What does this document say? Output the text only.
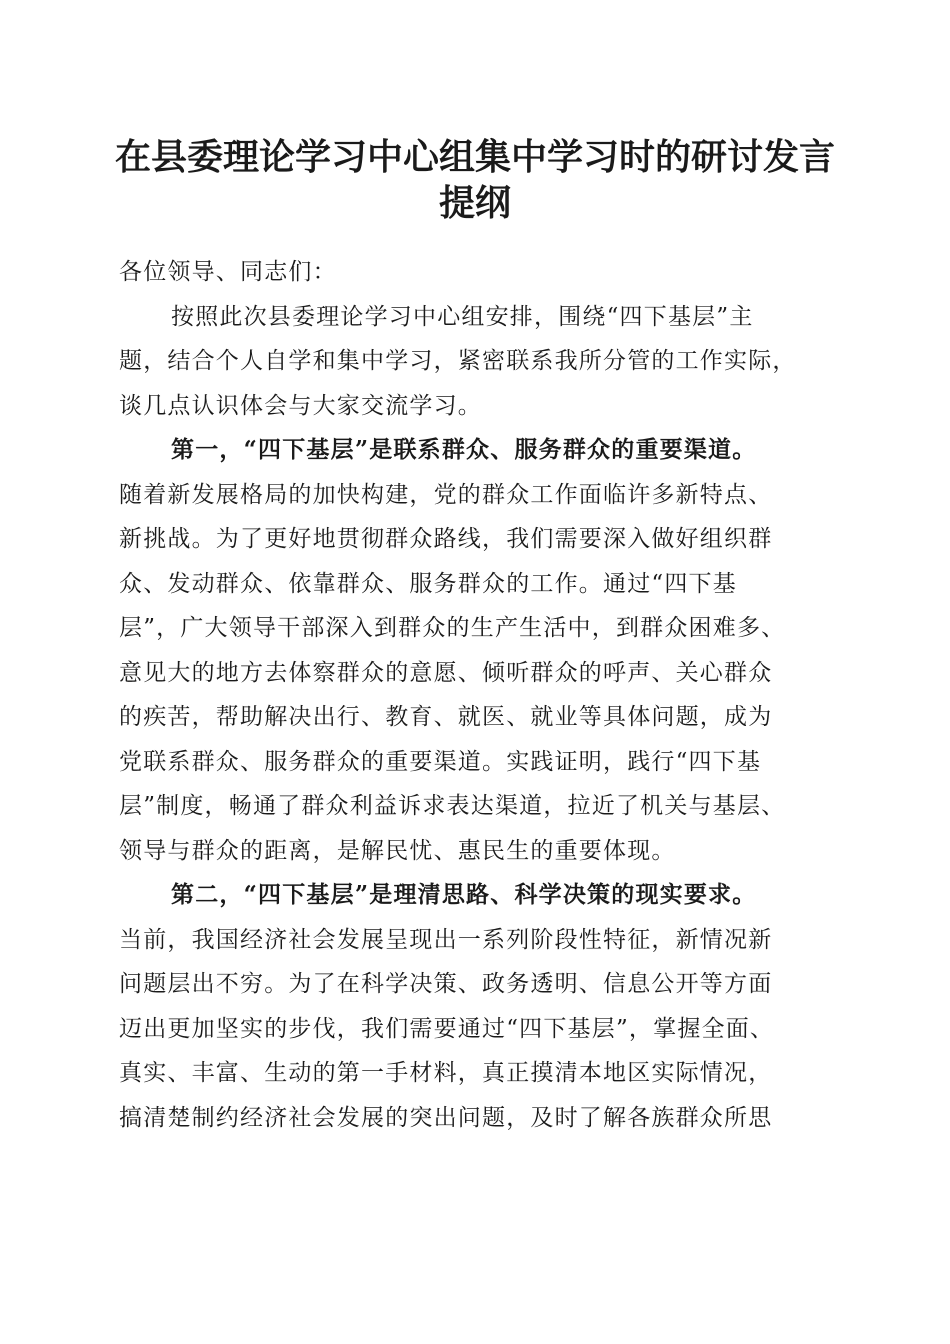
在县委理论学习中心组集中学习时的研讨发言
提纲
各位领导、同志们：
按照此次县委理论学习中心组安排，围绕“四下基层”主
题，结合个人自学和集中学习，紧密联系我所分管的工作实际，
谈几点认识体会与大家交流学习。
第一，“四下基层”是联系群众、服务群众的重要渠道。
随着新发展格局的加快构建，党的群众工作面临许多新特点、
新挑战。为了更好地贯彻群众路线，我们需要深入做好组织群
众、发动群众、依靠群众、服务群众的工作。通过“四下基
层”，广大领导干部深入到群众的生产生活中，到群众困难多、
意见大的地方去体察群众的意愿、倾听群众的呼声、关心群众
的疾苦，帮助解决出行、教育、就医、就业等具体问题，成为
党联系群众、服务群众的重要渠道。实践证明，践行“四下基
层”制度，畅通了群众利益诉求表达渠道，拉近了机关与基层、
领导与群众的距离，是解民忧、惠民生的重要体现。
第二，“四下基层”是理清思路、科学决策的现实要求。
当前，我国经济社会发展呈现出一系列阶段性特征，新情况新
问题层出不穷。为了在科学决策、政务透明、信息公开等方面
迈出更加坚实的步伐，我们需要通过“四下基层”，掌握全面、
真实、丰富、生动的第一手材料，真正摸清本地区实际情况，
搞清楚制约经济社会发展的突出问题，及时了解各族群众所思
